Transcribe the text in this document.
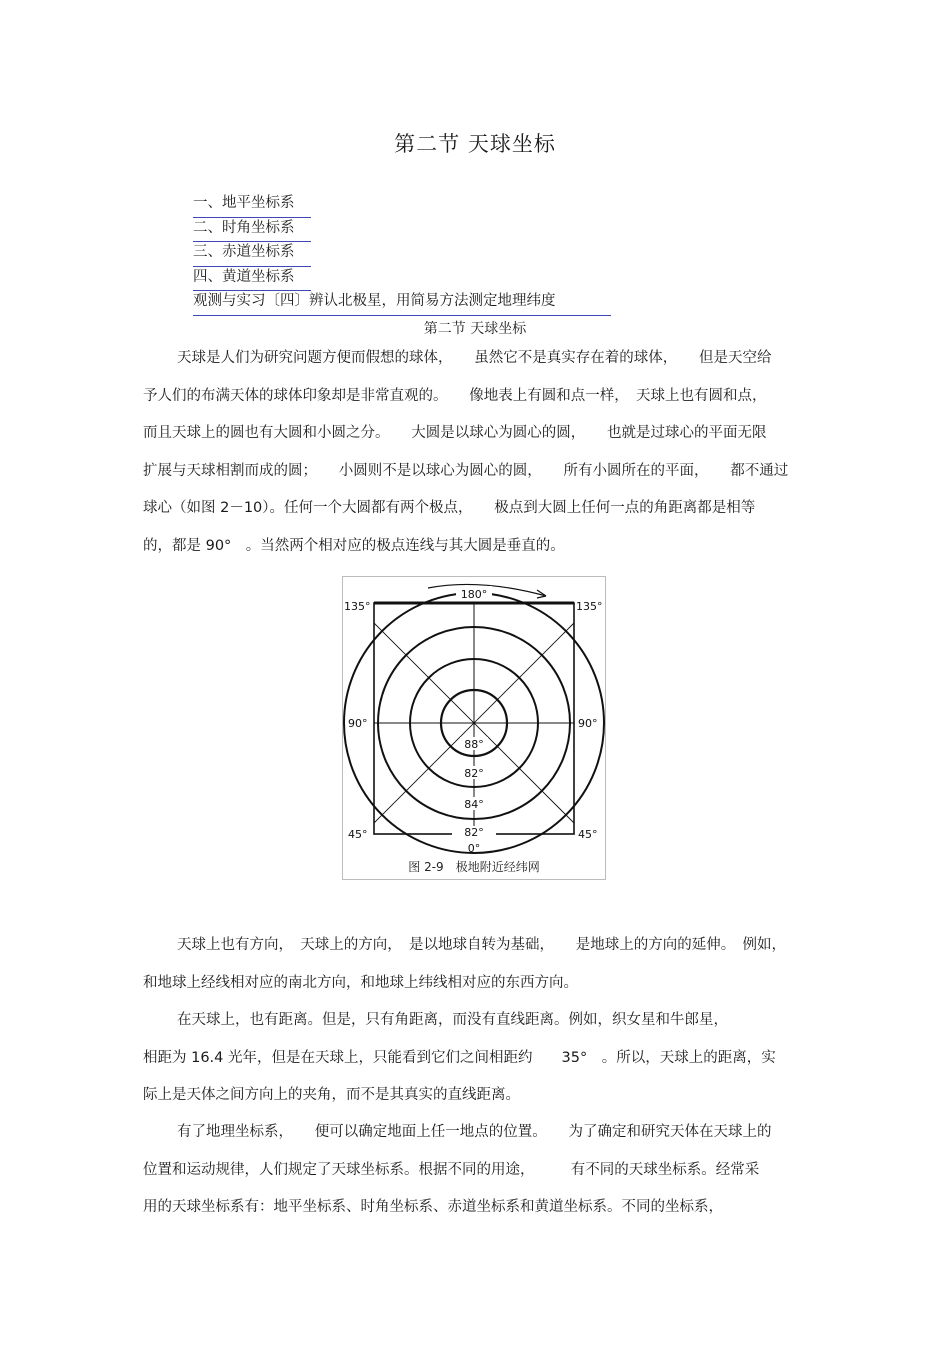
第二节 天球坐标
一、地平坐标系
二、时角坐标系
三、赤道坐标系
四、黄道坐标系
观测与实习〔四〕辨认北极星，用简易方法测定地理纬度
第二节 天球坐标
天球是人们为研究问题方便而假想的球体，　　虽然它不是真实存在着的球体，　　但是天空给
予人们的布满天体的球体印象却是非常直观的。　　像地表上有圆和点一样，　天球上也有圆和点，
而且天球上的圆也有大圆和小圆之分。　　大圆是以球心为圆心的圆，　　也就是过球心的平面无限
扩展与天球相割而成的圆；　　小圆则不是以球心为圆心的圆，　　所有小圆所在的平面，　　都不通过
球心（如图 2－10）。任何一个大圆都有两个极点，　　极点到大圆上任何一点的角距离都是相等
的，都是 90°　。当然两个相对应的极点连线与其大圆是垂直的。
180°
0°
135°	135°
90°	90°
45°	45°
88°
82°
84°
82°
图 2-9　极地附近经纬网
天球上也有方向，　天球上的方向，　是以地球自转为基础，　　是地球上的方向的延伸。　例如，
和地球上经线相对应的南北方向，和地球上纬线相对应的东西方向。
在天球上，也有距离。但是，只有角距离，而没有直线距离。例如，织女星和牛郎星，
相距为 16.4 光年，但是在天球上，只能看到它们之间相距约　　35°　。所以，天球上的距离，实
际上是天体之间方向上的夹角，而不是其真实的直线距离。
有了地理坐标系，　　便可以确定地面上任一地点的位置。　　为了确定和研究天体在天球上的
位置和运动规律，人们规定了天球坐标系。根据不同的用途，　　　有不同的天球坐标系。经常采
用的天球坐标系有：地平坐标系、时角坐标系、赤道坐标系和黄道坐标系。不同的坐标系，
